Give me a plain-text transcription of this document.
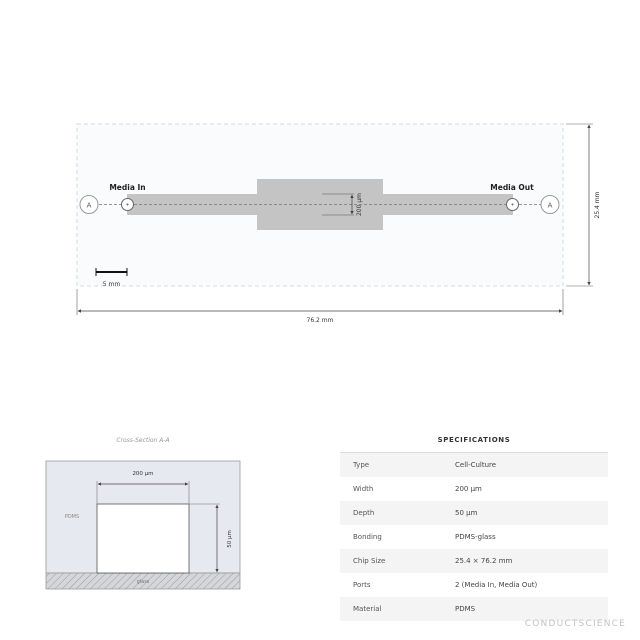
A	A
Media In	Media Out
200 µm
5 mm
25.4 mm
76.2 mm
Cross-Section A-A
PDMS
glass
200 µm
50 µm
SPECIFICATIONS
Type	Cell-Culture
Width	200 µm
Depth	50 µm
Bonding	PDMS-glass
Chip Size	25.4 × 76.2 mm
Ports	2 (Media In, Media Out)
Material	PDMS
CONDUCTSCIENCE
